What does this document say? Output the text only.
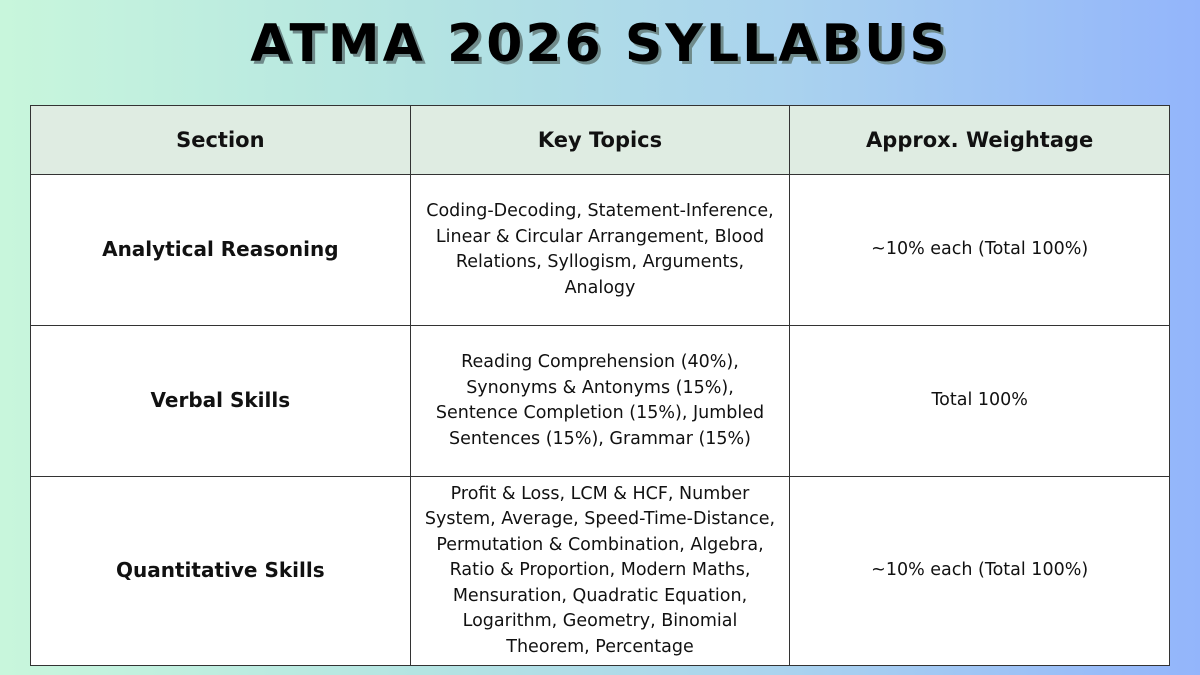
ATMA 2026 SYLLABUS
Section	Key Topics	Approx. Weightage
Analytical Reasoning	Coding-Decoding, Statement-Inference, Linear & Circular Arrangement, Blood Relations, Syllogism, Arguments, Analogy	~10% each (Total 100%)
Verbal Skills	Reading Comprehension (40%), Synonyms & Antonyms (15%), Sentence Completion (15%), Jumbled Sentences (15%), Grammar (15%)	Total 100%
Quantitative Skills	Profit & Loss, LCM & HCF, Number System, Average, Speed-Time-Distance, Permutation & Combination, Algebra, Ratio & Proportion, Modern Maths, Mensuration, Quadratic Equation, Logarithm, Geometry, Binomial Theorem, Percentage	~10% each (Total 100%)
